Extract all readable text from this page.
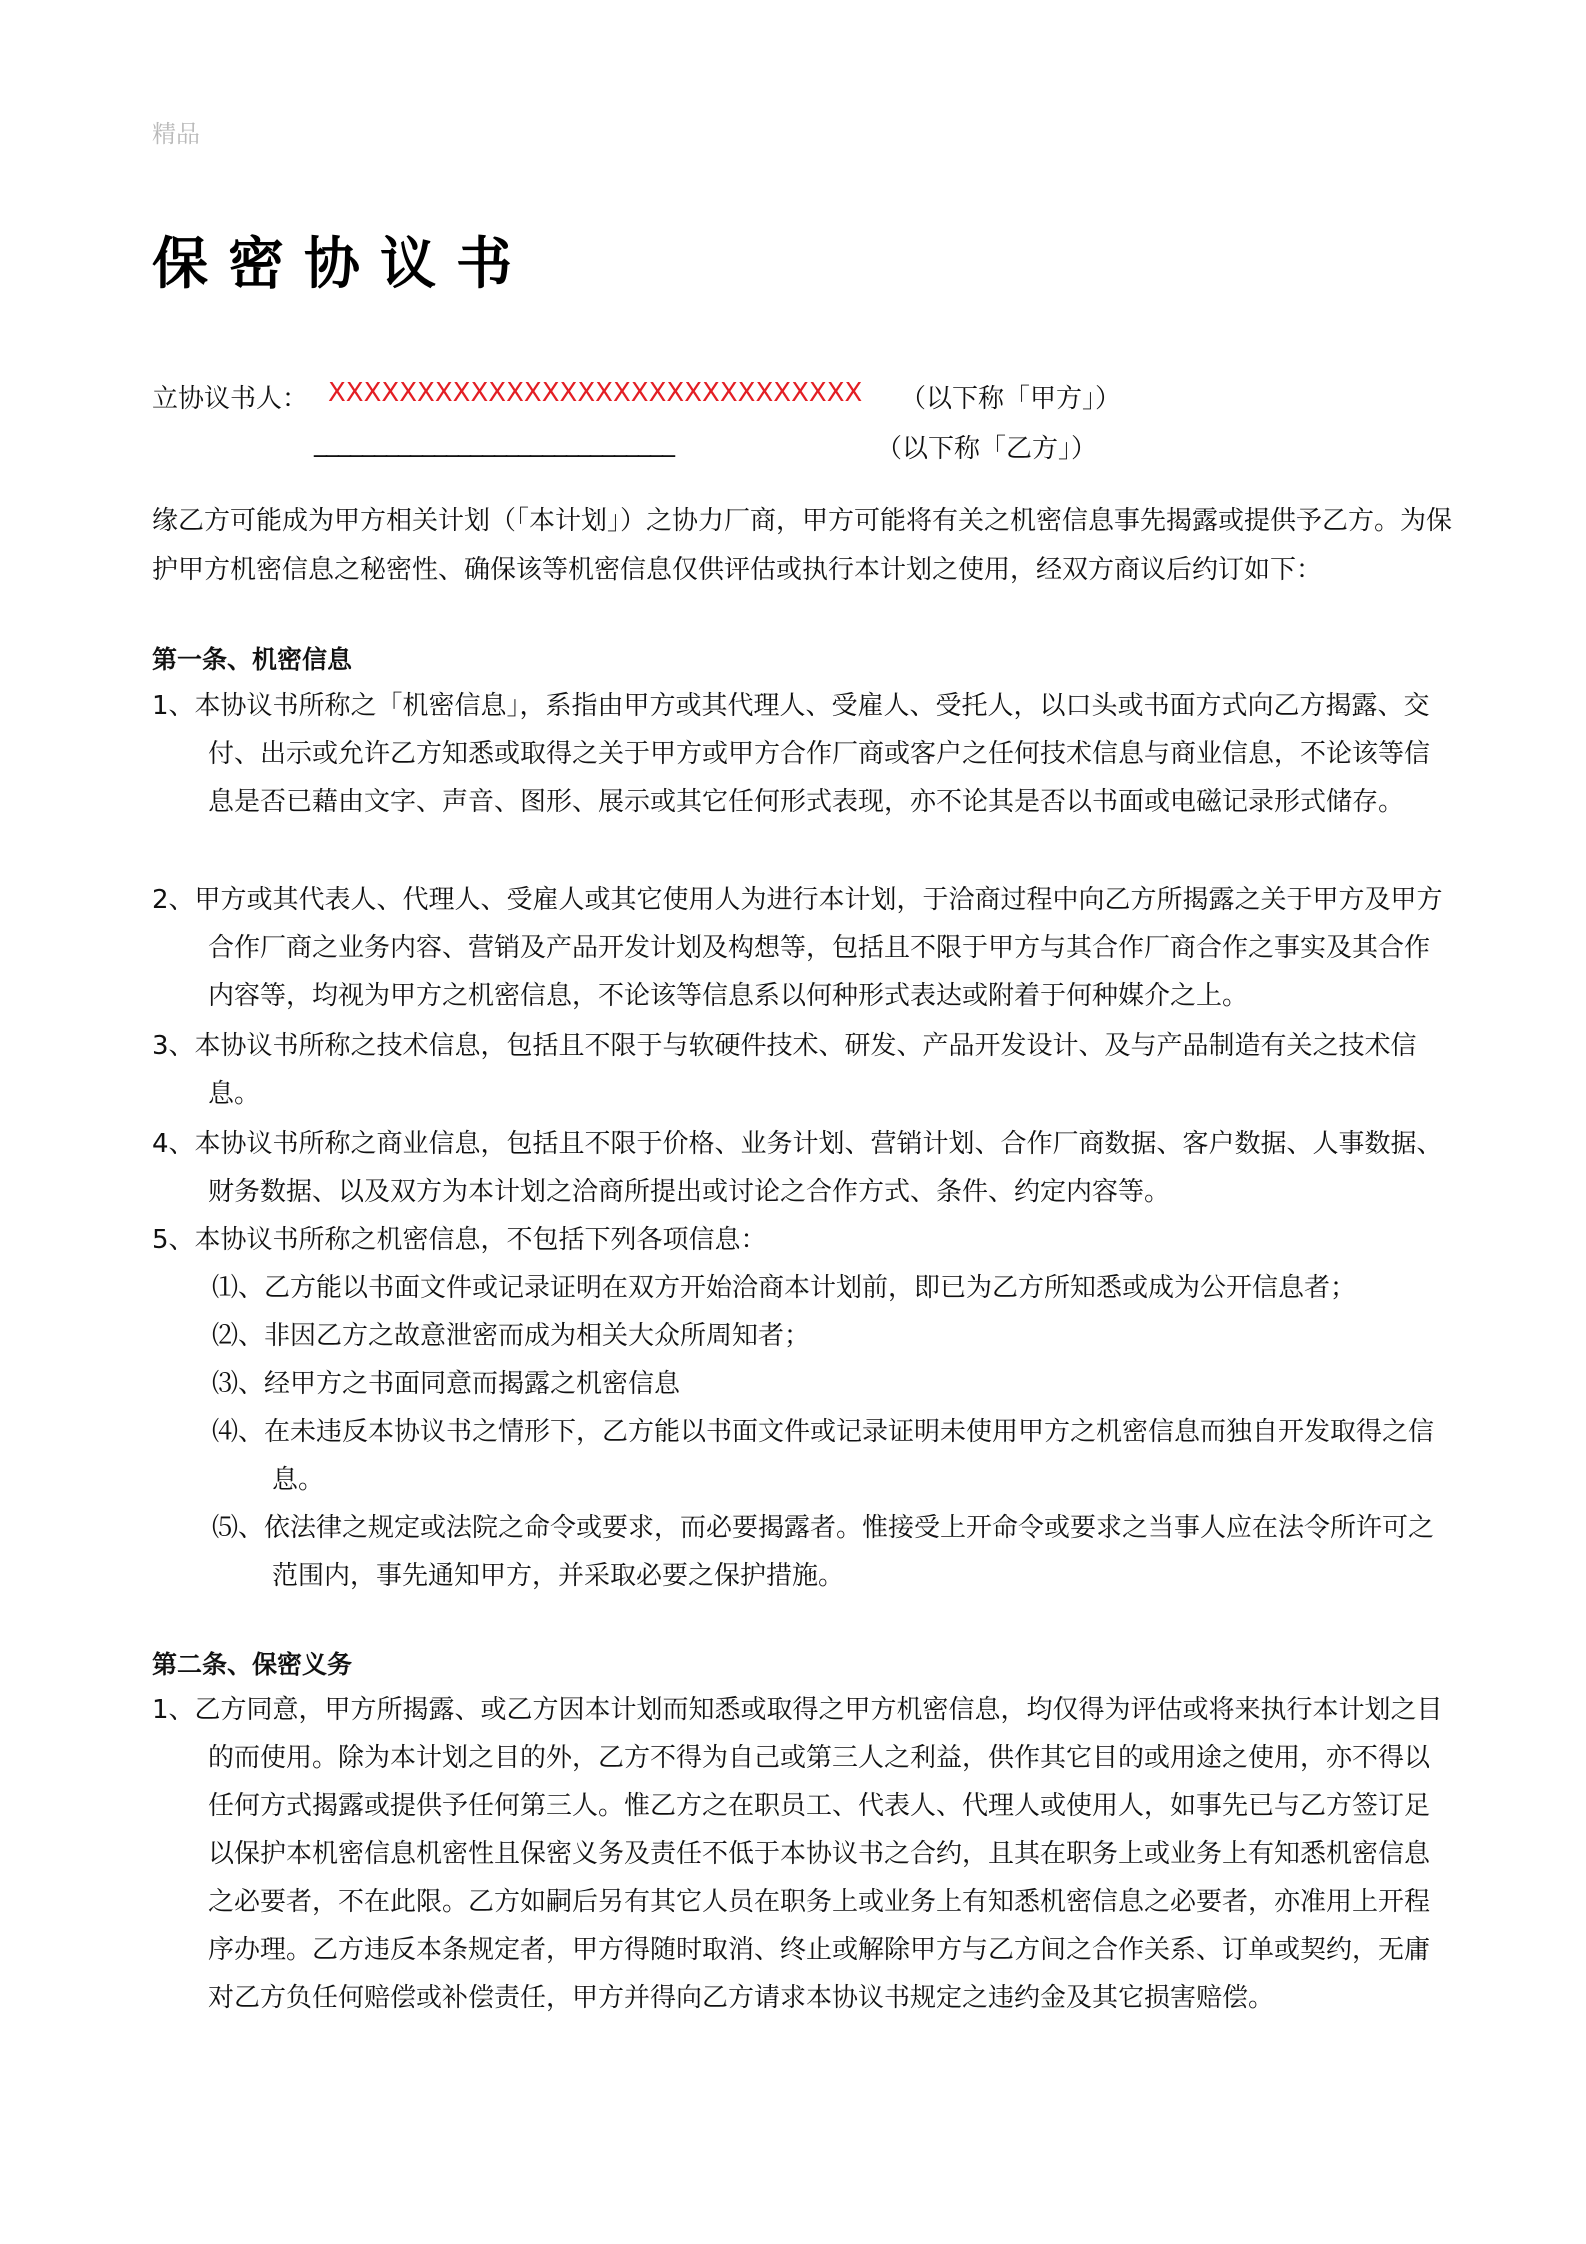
精品
保密协议书
立协议书人： XXXXXXXXXXXXXXXXXXXXXXXXXXXXXX （以下称「甲方」）
______________________________	（以下称「乙方」）
缘乙方可能成为甲方相关计划（「本计划」）之协力厂商，甲方可能将有关之机密信息事先揭露或提供予乙方。为保护甲方机密信息之秘密性、确保该等机密信息仅供评估或执行本计划之使用，经双方商议后约订如下：
第一条、机密信息
1、本协议书所称之「机密信息」，系指由甲方或其代理人、受雇人、受托人，以口头或书面方式向乙方揭露、交付、出示或允许乙方知悉或取得之关于甲方或甲方合作厂商或客户之任何技术信息与商业信息，不论该等信息是否已藉由文字、声音、图形、展示或其它任何形式表现，亦不论其是否以书面或电磁记录形式储存。
2、甲方或其代表人、代理人、受雇人或其它使用人为进行本计划，于洽商过程中向乙方所揭露之关于甲方及甲方合作厂商之业务内容、营销及产品开发计划及构想等，包括且不限于甲方与其合作厂商合作之事实及其合作内容等，均视为甲方之机密信息，不论该等信息系以何种形式表达或附着于何种媒介之上。
3、本协议书所称之技术信息，包括且不限于与软硬件技术、研发、产品开发设计、及与产品制造有关之技术信息。
4、本协议书所称之商业信息，包括且不限于价格、业务计划、营销计划、合作厂商数据、客户数据、人事数据、财务数据、以及双方为本计划之洽商所提出或讨论之合作方式、条件、约定内容等。
5、本协议书所称之机密信息，不包括下列各项信息：
⑴、乙方能以书面文件或记录证明在双方开始洽商本计划前，即已为乙方所知悉或成为公开信息者；
⑵、非因乙方之故意泄密而成为相关大众所周知者；
⑶、经甲方之书面同意而揭露之机密信息
⑷、在未违反本协议书之情形下，乙方能以书面文件或记录证明未使用甲方之机密信息而独自开发取得之信息。
⑸、依法律之规定或法院之命令或要求，而必要揭露者。惟接受上开命令或要求之当事人应在法令所许可之范围内，事先通知甲方，并采取必要之保护措施。
第二条、保密义务
1、乙方同意，甲方所揭露、或乙方因本计划而知悉或取得之甲方机密信息，均仅得为评估或将来执行本计划之目的而使用。除为本计划之目的外，乙方不得为自己或第三人之利益，供作其它目的或用途之使用，亦不得以任何方式揭露或提供予任何第三人。惟乙方之在职员工、代表人、代理人或使用人，如事先已与乙方签订足以保护本机密信息机密性且保密义务及责任不低于本协议书之合约，且其在职务上或业务上有知悉机密信息之必要者，不在此限。乙方如嗣后另有其它人员在职务上或业务上有知悉机密信息之必要者，亦准用上开程序办理。乙方违反本条规定者，甲方得随时取消、终止或解除甲方与乙方间之合作关系、订单或契约，无庸对乙方负任何赔偿或补偿责任，甲方并得向乙方请求本协议书规定之违约金及其它损害赔偿。
